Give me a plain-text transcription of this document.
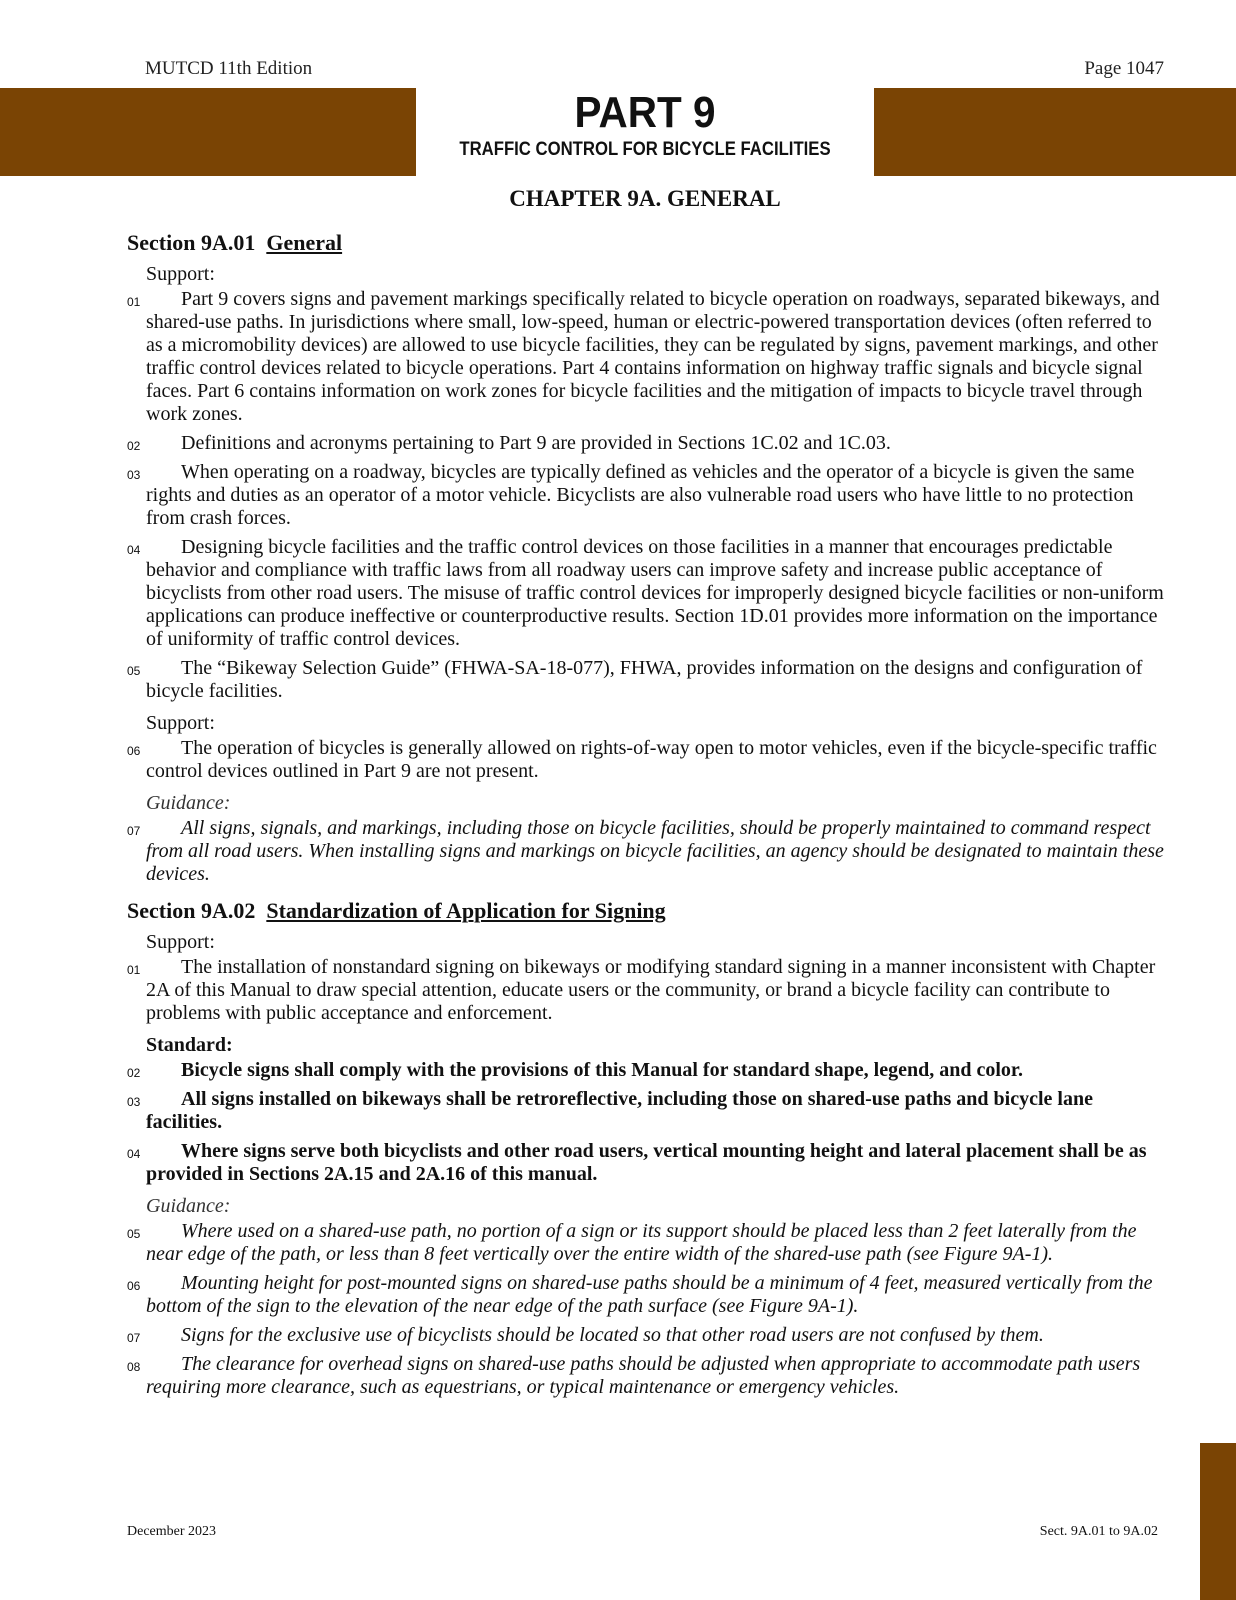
MUTCD 11th Edition	Page 1047
PART 9
TRAFFIC CONTROL FOR BICYCLE FACILITIES
CHAPTER 9A. GENERAL
Section 9A.01 General
Support:
01	Part 9 covers signs and pavement markings specifically related to bicycle operation on roadways, separated bikeways, and shared-use paths. In jurisdictions where small, low-speed, human or electric-powered transportation devices (often referred to as a micromobility devices) are allowed to use bicycle facilities, they can be regulated by signs, pavement markings, and other traffic control devices related to bicycle operations. Part 4 contains information on highway traffic signals and bicycle signal faces. Part 6 contains information on work zones for bicycle facilities and the mitigation of impacts to bicycle travel through work zones.
02	Definitions and acronyms pertaining to Part 9 are provided in Sections 1C.02 and 1C.03.
03	When operating on a roadway, bicycles are typically defined as vehicles and the operator of a bicycle is given the same rights and duties as an operator of a motor vehicle. Bicyclists are also vulnerable road users who have little to no protection from crash forces.
04	Designing bicycle facilities and the traffic control devices on those facilities in a manner that encourages predictable behavior and compliance with traffic laws from all roadway users can improve safety and increase public acceptance of bicyclists from other road users. The misuse of traffic control devices for improperly designed bicycle facilities or non-uniform applications can produce ineffective or counterproductive results. Section 1D.01 provides more information on the importance of uniformity of traffic control devices.
05	The “Bikeway Selection Guide” (FHWA-SA-18-077), FHWA, provides information on the designs and configuration of bicycle facilities.
Support:
06	The operation of bicycles is generally allowed on rights-of-way open to motor vehicles, even if the bicycle-specific traffic control devices outlined in Part 9 are not present.
Guidance:
07	All signs, signals, and markings, including those on bicycle facilities, should be properly maintained to command respect from all road users. When installing signs and markings on bicycle facilities, an agency should be designated to maintain these devices.
Section 9A.02 Standardization of Application for Signing
Support:
01	The installation of nonstandard signing on bikeways or modifying standard signing in a manner inconsistent with Chapter 2A of this Manual to draw special attention, educate users or the community, or brand a bicycle facility can contribute to problems with public acceptance and enforcement.
Standard:
02	Bicycle signs shall comply with the provisions of this Manual for standard shape, legend, and color.
03	All signs installed on bikeways shall be retroreflective, including those on shared-use paths and bicycle lane facilities.
04	Where signs serve both bicyclists and other road users, vertical mounting height and lateral placement shall be as provided in Sections 2A.15 and 2A.16 of this manual.
Guidance:
05	Where used on a shared-use path, no portion of a sign or its support should be placed less than 2 feet laterally from the near edge of the path, or less than 8 feet vertically over the entire width of the shared-use path (see Figure 9A-1).
06	Mounting height for post-mounted signs on shared-use paths should be a minimum of 4 feet, measured vertically from the bottom of the sign to the elevation of the near edge of the path surface (see Figure 9A-1).
07	Signs for the exclusive use of bicyclists should be located so that other road users are not confused by them.
08	The clearance for overhead signs on shared-use paths should be adjusted when appropriate to accommodate path users requiring more clearance, such as equestrians, or typical maintenance or emergency vehicles.
December 2023	Sect. 9A.01 to 9A.02
